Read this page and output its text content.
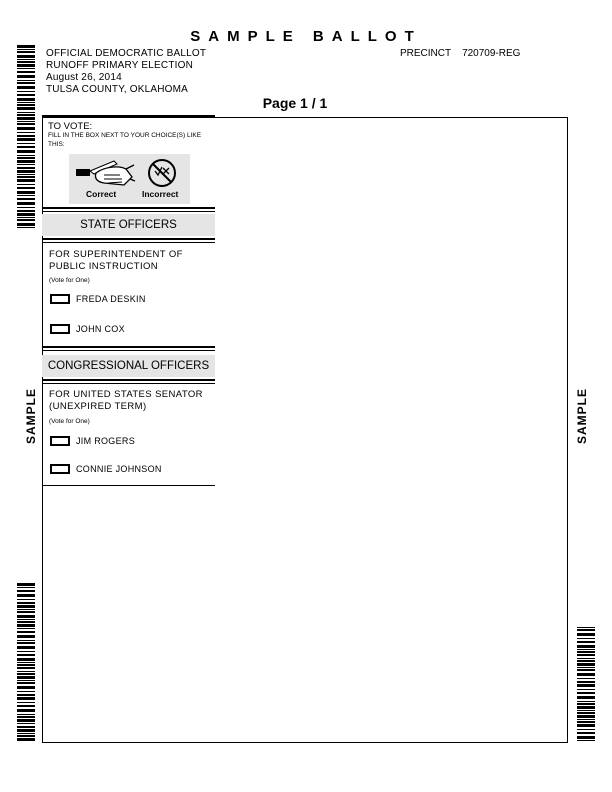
SAMPLE BALLOT
OFFICIAL DEMOCRATIC BALLOT
RUNOFF PRIMARY ELECTION
August 26, 2014
TULSA COUNTY, OKLAHOMA
PRECINCT 720709-REG
Page 1 / 1
TO VOTE:
FILL IN THE BOX NEXT TO YOUR CHOICE(S) LIKE THIS:
Correct	Incorrect
STATE OFFICERS
FOR SUPERINTENDENT OF PUBLIC INSTRUCTION
(Vote for One)
FREDA DESKIN
JOHN COX
CONGRESSIONAL OFFICERS
FOR UNITED STATES SENATOR (UNEXPIRED TERM)
(Vote for One)
JIM ROGERS
CONNIE JOHNSON
SAMPLE	SAMPLE
